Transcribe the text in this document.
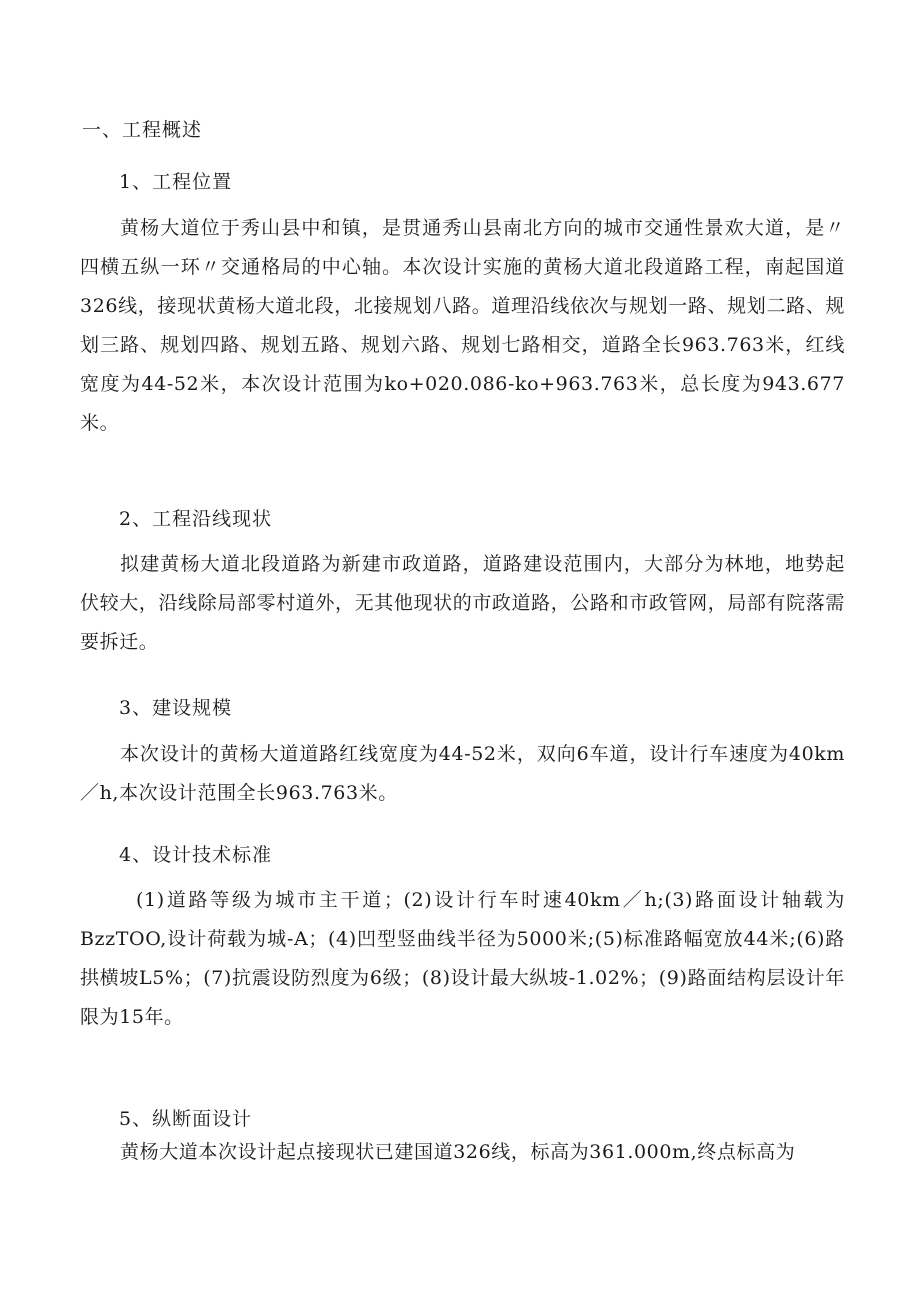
一、工程概述
1、工程位置

黄杨大道位于秀山县中和镇，是贯通秀山县南北方向的城市交通性景欢大道，是〃四横五纵一环〃交通格局的中心轴。本次设计实施的黄杨大道北段道路工程，南起国道326线，接现状黄杨大道北段，北接规划八路。道理沿线依次与规划一路、规划二路、规划三路、规划四路、规划五路、规划六路、规划七路相交，道路全长963.763米，红线宽度为44-52米，本次设计范围为ko+020.086-ko+963.763米，总长度为943.677米。

2、工程沿线现状

拟建黄杨大道北段道路为新建市政道路，道路建设范围内，大部分为林地，地势起伏较大，沿线除局部零村道外，无其他现状的市政道路，公路和市政管网，局部有院落需要拆迁。

3、建设规模

本次设计的黄杨大道道路红线宽度为44-52米，双向6车道，设计行车速度为40km／h,本次设计范围全长963.763米。

4、设计技术标准

(1)道路等级为城市主干道；(2)设计行车时速40km／h;(3)路面设计轴载为BzzTOO,设计荷载为城-A；(4)凹型竖曲线半径为5000米;(5)标准路幅宽放44米;(6)路拱横坡L5%；(7)抗震设防烈度为6级；(8)设计最大纵坡-1.02%；(9)路面结构层设计年限为15年。

5、纵断面设计

黄杨大道本次设计起点接现状已建国道326线，标高为361.000m,终点标高为
